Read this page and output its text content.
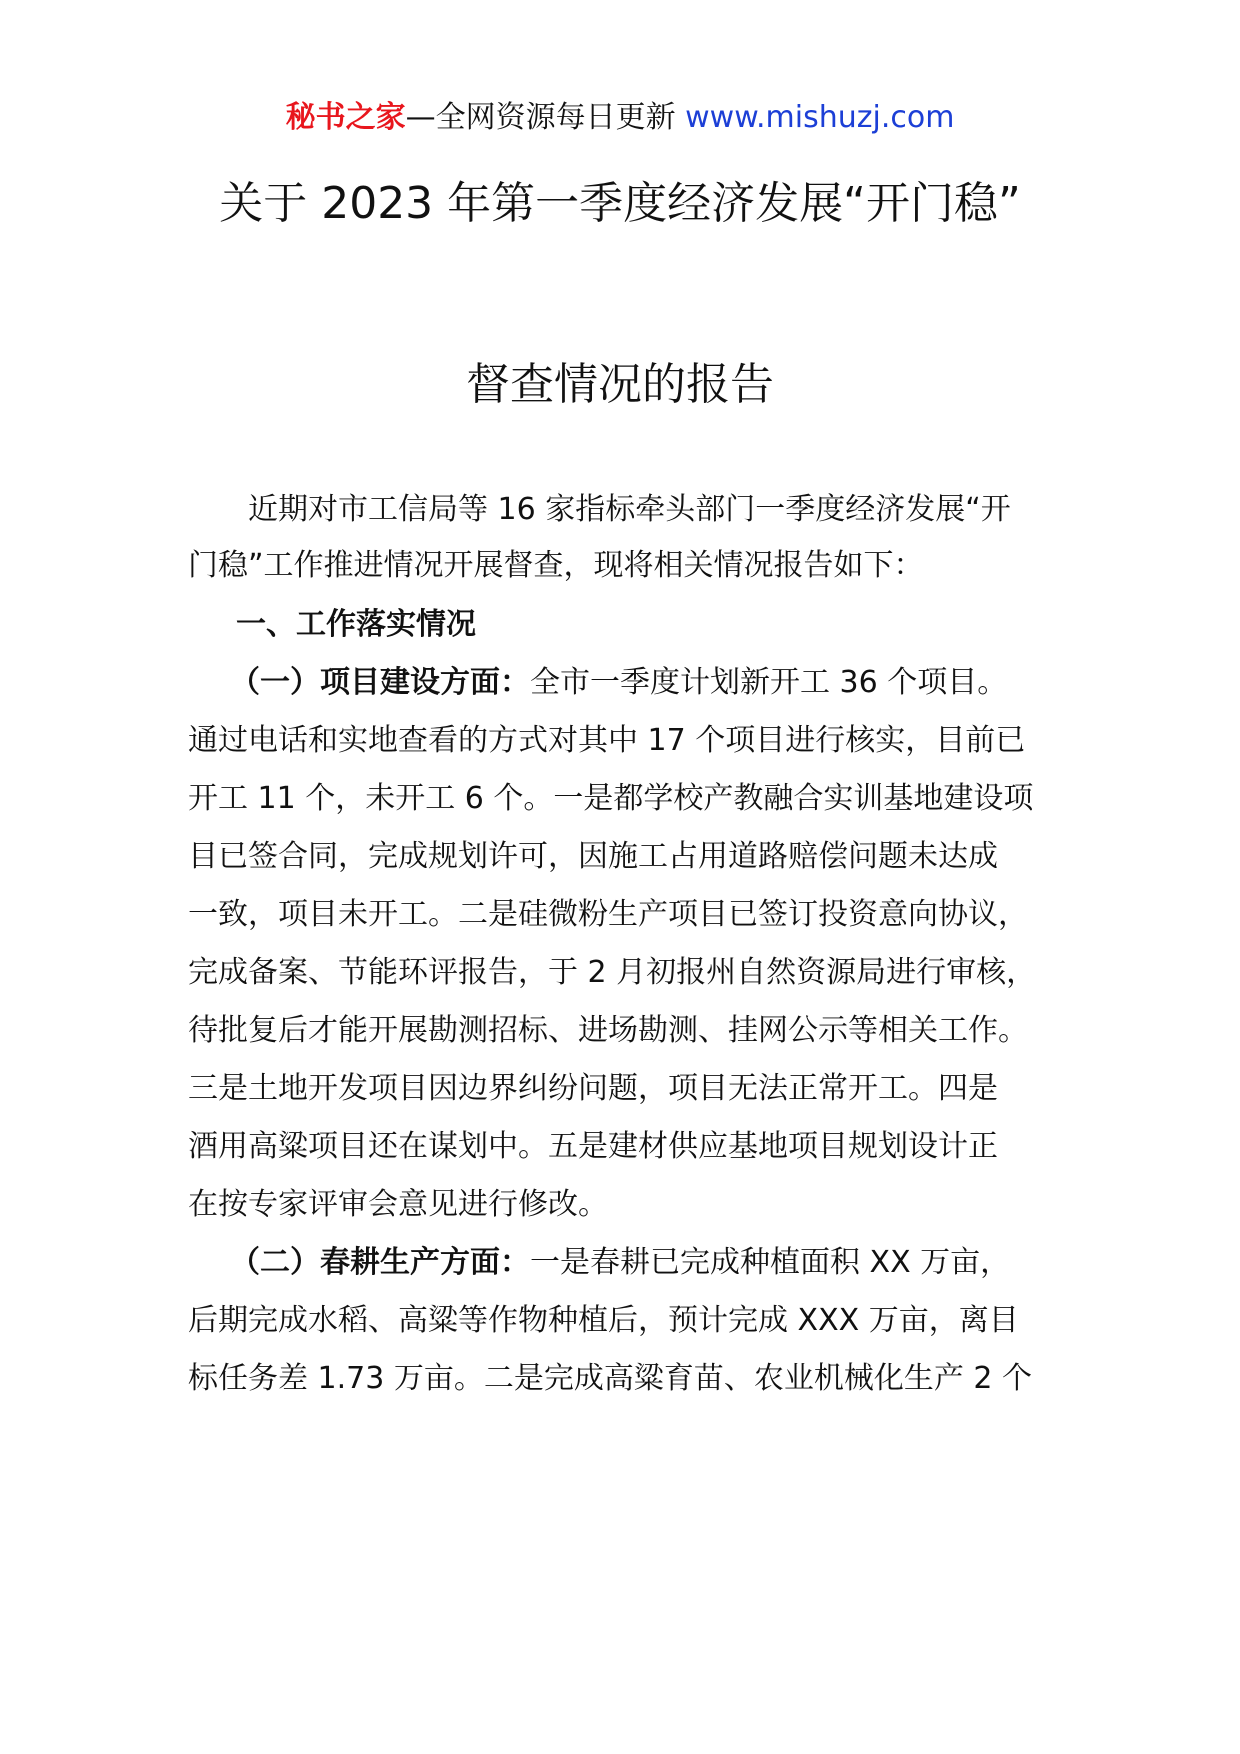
秘书之家—全网资源每日更新 www.mishuzj.com
关于 2023 年第一季度经济发展“开门稳”
督查情况的报告
近期对市工信局等 16 家指标牵头部门一季度经济发展“开
门稳”工作推进情况开展督查，现将相关情况报告如下：
一、工作落实情况
（一）项目建设方面：全市一季度计划新开工 36 个项目。
通过电话和实地查看的方式对其中 17 个项目进行核实，目前已
开工 11 个，未开工 6 个。一是都学校产教融合实训基地建设项
目已签合同，完成规划许可，因施工占用道路赔偿问题未达成
一致，项目未开工。二是硅微粉生产项目已签订投资意向协议，
完成备案、节能环评报告，于 2 月初报州自然资源局进行审核，
待批复后才能开展勘测招标、进场勘测、挂网公示等相关工作。
三是土地开发项目因边界纠纷问题，项目无法正常开工。四是
酒用高粱项目还在谋划中。五是建材供应基地项目规划设计正
在按专家评审会意见进行修改。
（二）春耕生产方面：一是春耕已完成种植面积 XX 万亩，
后期完成水稻、高粱等作物种植后，预计完成 XXX 万亩，离目
标任务差 1.73 万亩。二是完成高粱育苗、农业机械化生产 2 个
